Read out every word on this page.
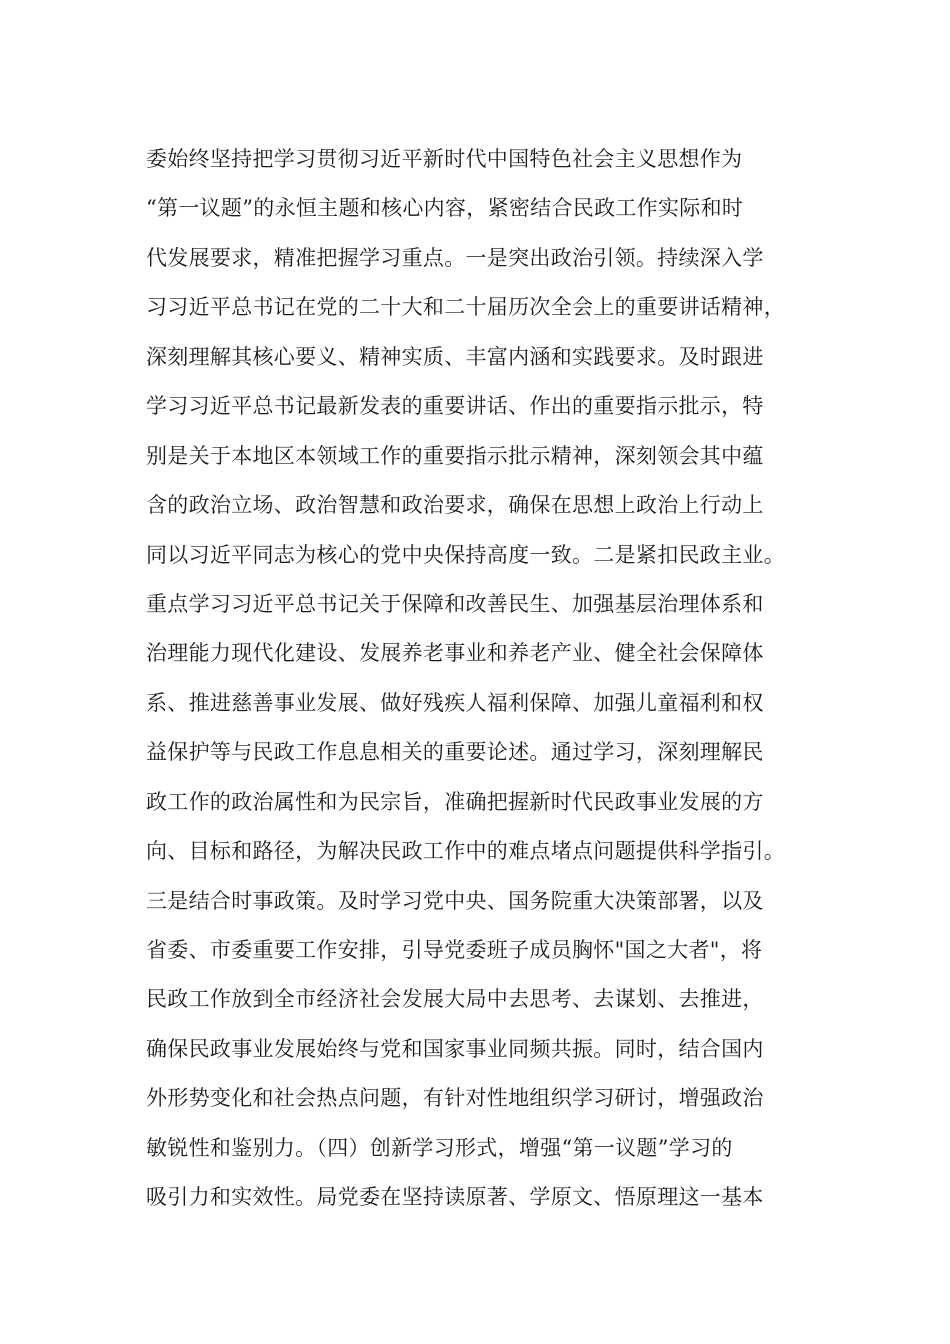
委始终坚持把学习贯彻习近平新时代中国特色社会主义思想作为
“第一议题”的永恒主题和核心内容，紧密结合民政工作实际和时
代发展要求，精准把握学习重点。一是突出政治引领。持续深入学
习习近平总书记在党的二十大和二十届历次全会上的重要讲话精神，
深刻理解其核心要义、精神实质、丰富内涵和实践要求。及时跟进
学习习近平总书记最新发表的重要讲话、作出的重要指示批示，特
别是关于本地区本领域工作的重要指示批示精神，深刻领会其中蕴
含的政治立场、政治智慧和政治要求，确保在思想上政治上行动上
同以习近平同志为核心的党中央保持高度一致。二是紧扣民政主业。
重点学习习近平总书记关于保障和改善民生、加强基层治理体系和
治理能力现代化建设、发展养老事业和养老产业、健全社会保障体
系、推进慈善事业发展、做好残疾人福利保障、加强儿童福利和权
益保护等与民政工作息息相关的重要论述。通过学习，深刻理解民
政工作的政治属性和为民宗旨，准确把握新时代民政事业发展的方
向、目标和路径，为解决民政工作中的难点堵点问题提供科学指引。
三是结合时事政策。及时学习党中央、国务院重大决策部署，以及
省委、市委重要工作安排，引导党委班子成员胸怀"国之大者"，将
民政工作放到全市经济社会发展大局中去思考、去谋划、去推进，
确保民政事业发展始终与党和国家事业同频共振。同时，结合国内
外形势变化和社会热点问题，有针对性地组织学习研讨，增强政治
敏锐性和鉴别力。（四）创新学习形式，增强“第一议题”学习的
吸引力和实效性。局党委在坚持读原著、学原文、悟原理这一基本
